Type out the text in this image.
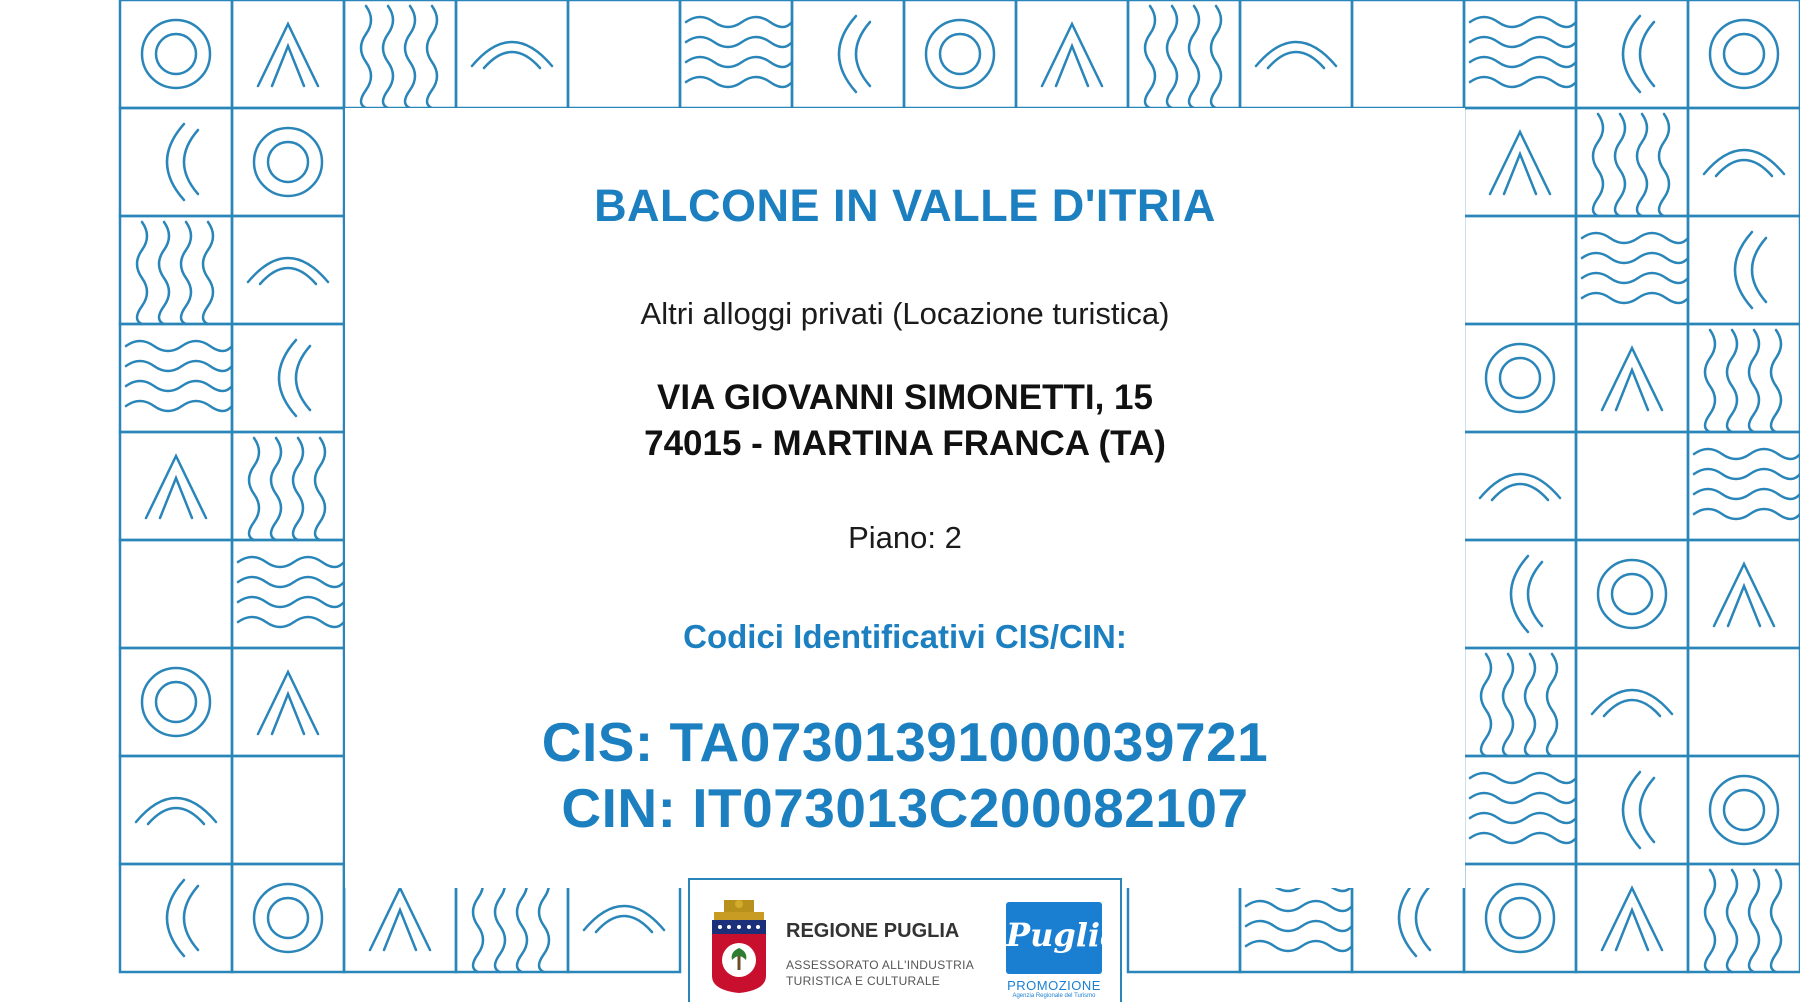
BALCONE IN VALLE D'ITRIA
Altri alloggi privati (Locazione turistica)
VIA GIOVANNI SIMONETTI, 15
74015 - MARTINA FRANCA (TA)
Piano: 2
Codici Identificativi CIS/CIN:
CIS: TA07301391000039721
CIN: IT073013C200082107
REGIONE PUGLIA
ASSESSORATO ALL'INDUSTRIA
TURISTICA E CULTURALE
Puglia
PROMOZIONE
Agenzia Regionale del Turismo
